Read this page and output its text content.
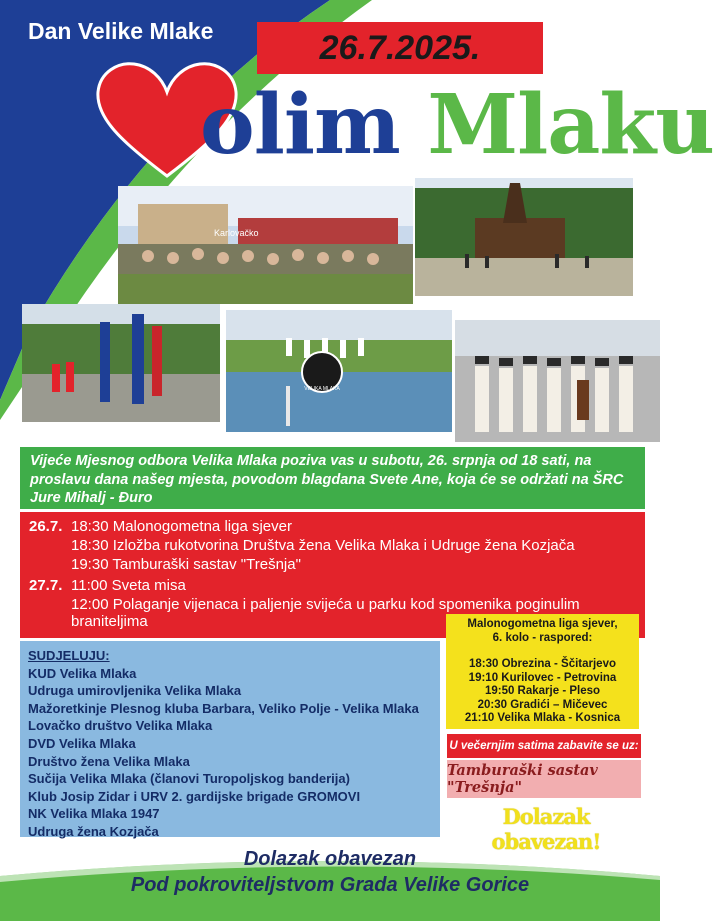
Dan Velike Mlake	26.7.2025.
olim Mlaku
Karlovačko
VELIKA MLAKA
Vijeće Mjesnog odbora Velika Mlaka poziva vas u subotu, 26. srpnja od 18 sati, na proslavu dana našeg mjesta, povodom blagdana Svete Ane, koja će se održati na ŠRC Jure Mihalj - Đuro
26.7. 18:30 Malonogometna liga sjever
18:30 Izložba rukotvorina Društva žena Velika Mlaka i Udruge žena Kozjača
19:30 Tamburaški sastav "Trešnja"
27.7. 11:00 Sveta misa
12:00 Polaganje vijenaca i paljenje svijeća u parku kod spomenika poginulim
braniteljima
SUDJELUJU:
KUD Velika Mlaka
Udruga umirovljenika Velika Mlaka
Mažoretkinje Plesnog kluba Barbara, Veliko Polje - Velika Mlaka
Lovačko društvo Velika Mlaka
DVD Velika Mlaka
Društvo žena Velika Mlaka
Sučija Velika Mlaka (članovi Turopoljskog banderija)
Klub Josip Zidar i URV 2. gardijske brigade GROMOVI
NK Velika Mlaka 1947
Udruga žena Kozjača
Malonogometna liga sjever,
6. kolo - raspored:
18:30 Obrezina - Ščitarjevo
19:10 Kurilovec - Petrovina
19:50 Rakarje - Pleso
20:30 Gradići – Mičevec
21:10 Velika Mlaka - Kosnica
U večernjim satima zabavite se uz:
Tamburaški sastav "Trešnja"
Dolazak obavezan!
Dolazak obavezan
Pod pokroviteljstvom Grada Velike Gorice
